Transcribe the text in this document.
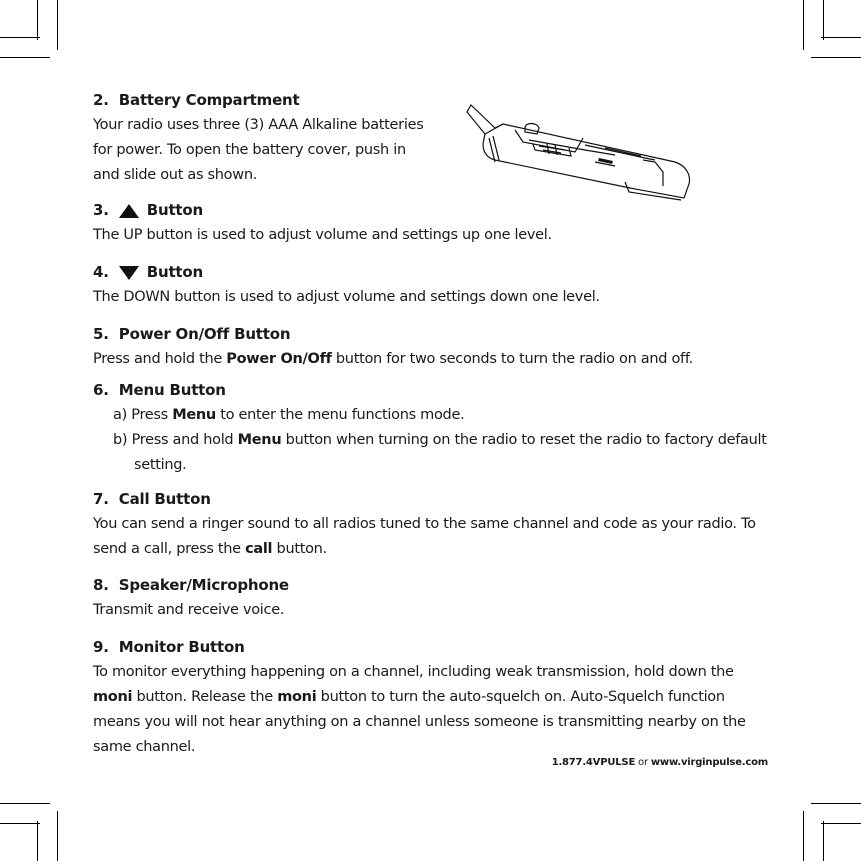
2. Battery Compartment
Your radio uses three (3) AAA Alkaline batteries
for power. To open the battery cover, push in
and slide out as shown.
3.	Button
The UP button is used to adjust volume and settings up one level.
4.	Button
The DOWN button is used to adjust volume and settings down one level.
5. Power On/Off Button
Press and hold the Power On/Off button for two seconds to turn the radio on and off.
6. Menu Button
a) Press Menu to enter the menu functions mode.
b) Press and hold Menu button when turning on the radio to reset the radio to factory default setting.
7. Call Button
You can send a ringer sound to all radios tuned to the same channel and code as your radio. To send a call, press the call button.
8. Speaker/Microphone
Transmit and receive voice.
9. Monitor Button
To monitor everything happening on a channel, including weak transmission, hold down the moni button. Release the moni button to turn the auto-squelch on. Auto-Squelch function means you will not hear anything on a channel unless someone is transmitting nearby on the same channel.
1.877.4VPULSE or www.virginpulse.com
